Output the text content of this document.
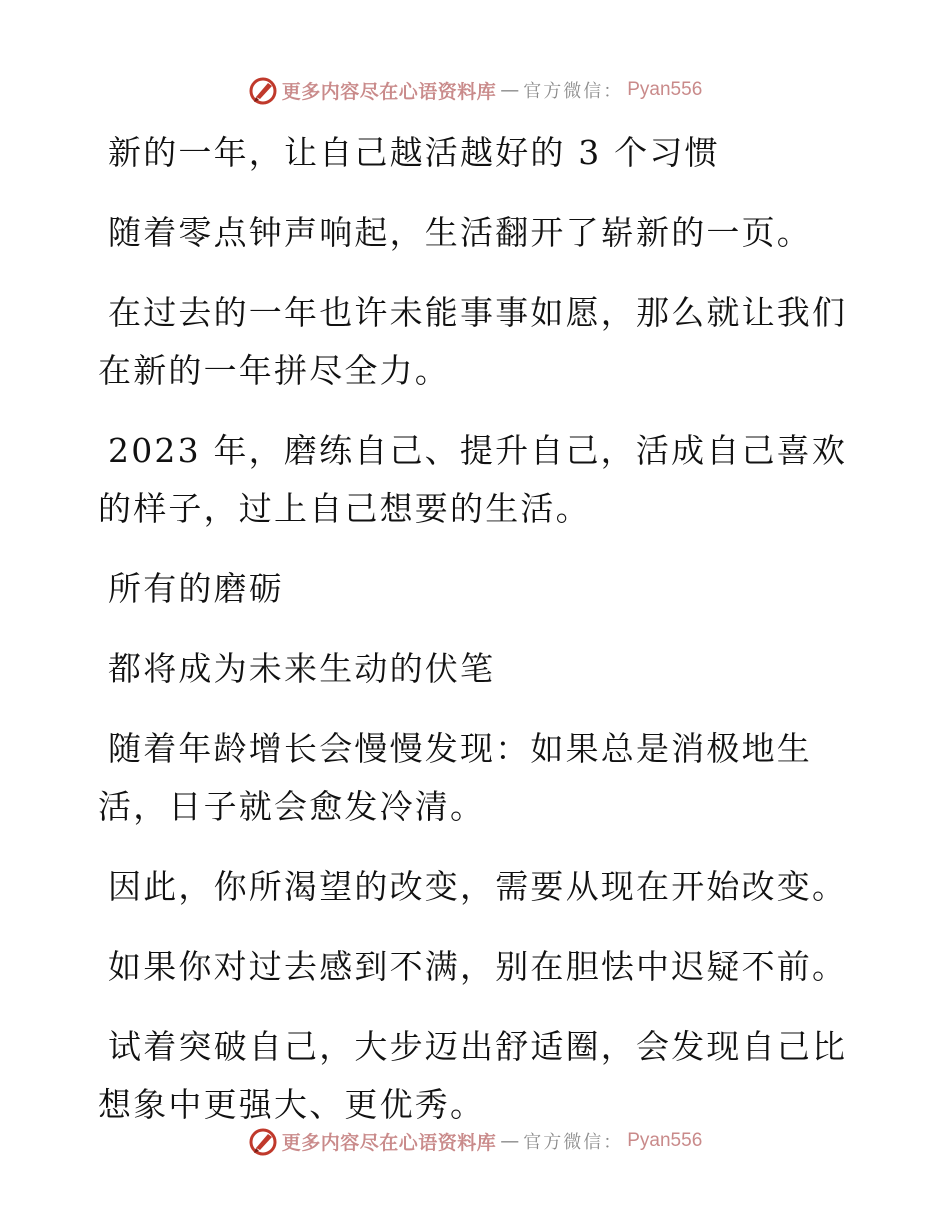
更多内容尽在心语资料库 — 官方微信： Pyan556

新的一年，让自己越活越好的 3 个习惯

随着零点钟声响起，生活翻开了崭新的一页。

在过去的一年也许未能事事如愿，那么就让我们在新的一年拼尽全力。

2023 年，磨练自己、提升自己，活成自己喜欢的样子，过上自己想要的生活。

所有的磨砺

都将成为未来生动的伏笔

随着年龄增长会慢慢发现：如果总是消极地生活，日子就会愈发冷清。

因此，你所渴望的改变，需要从现在开始改变。

如果你对过去感到不满，别在胆怯中迟疑不前。

试着突破自己，大步迈出舒适圈，会发现自己比想象中更强大、更优秀。

更多内容尽在心语资料库 — 官方微信： Pyan556
